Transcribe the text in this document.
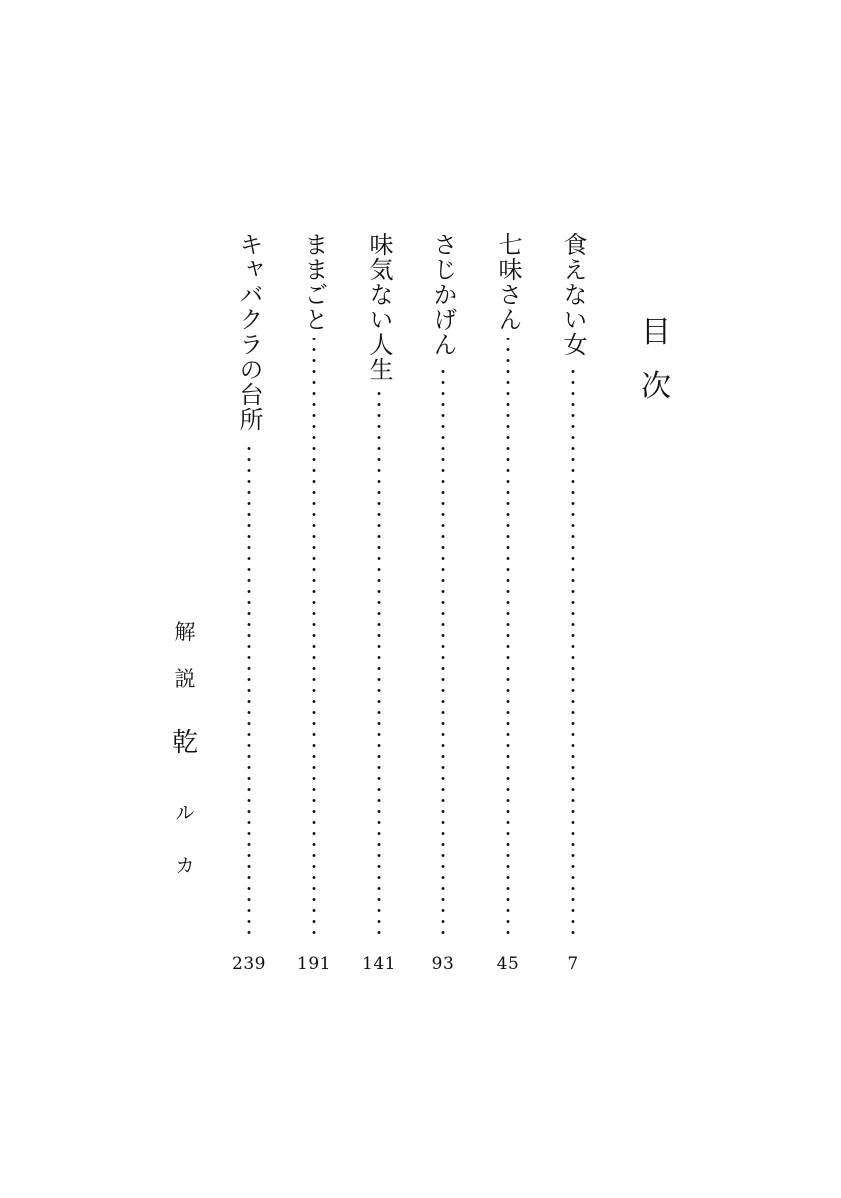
目
次
食えない女
7
七味さん
45
さじかげん
93
味気ない人生
141
ままごと
191
キャバクラの台所
239
解
説
乾
ル
カ
